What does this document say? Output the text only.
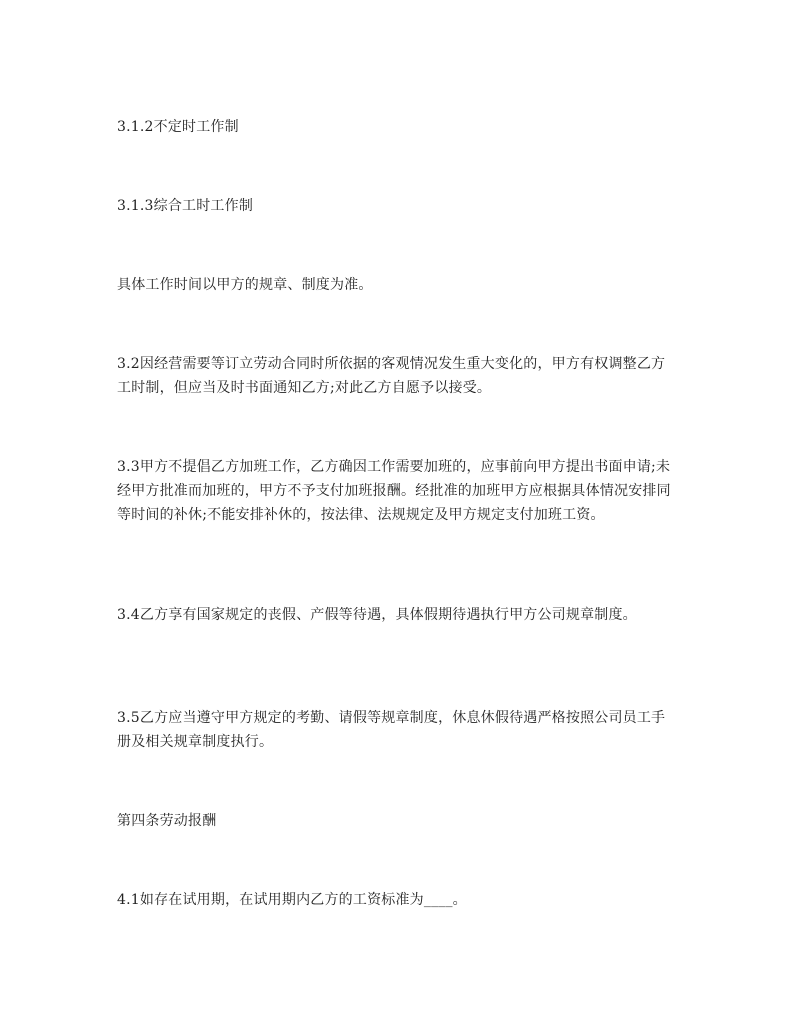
3.1.2不定时工作制

3.1.3综合工时工作制

具体工作时间以甲方的规章、制度为准。

3.2因经营需要等订立劳动合同时所依据的客观情况发生重大变化的，甲方有权调整乙方工时制，但应当及时书面通知乙方;对此乙方自愿予以接受。

3.3甲方不提倡乙方加班工作，乙方确因工作需要加班的，应事前向甲方提出书面申请;未经甲方批准而加班的，甲方不予支付加班报酬。经批准的加班甲方应根据具体情况安排同等时间的补休;不能安排补休的，按法律、法规规定及甲方规定支付加班工资。

3.4乙方享有国家规定的丧假、产假等待遇，具体假期待遇执行甲方公司规章制度。

3.5乙方应当遵守甲方规定的考勤、请假等规章制度，休息休假待遇严格按照公司员工手册及相关规章制度执行。

第四条劳动报酬

4.1如存在试用期，在试用期内乙方的工资标准为____。
